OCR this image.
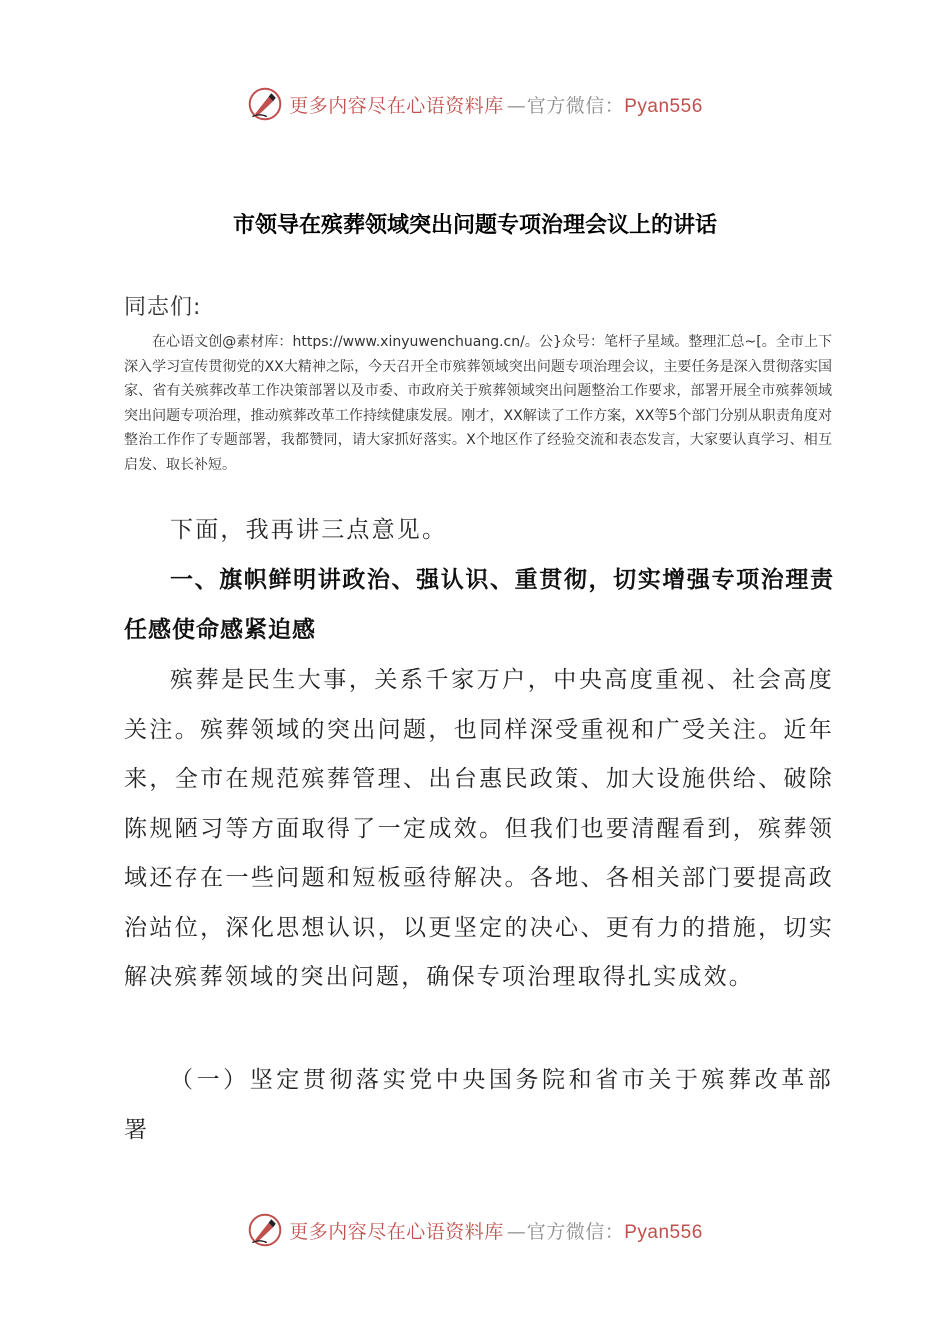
更多内容尽在心语资料库 — 官方微信：Pyan556
市领导在殡葬领域突出问题专项治理会议上的讲话
同志们:
在心语文创@素材库：https://www.xinyuwenchuang.cn/。公}众号：笔杆子星域。整理汇总~[。全市上下深入学习宣传贯彻党的XX大精神之际，今天召开全市殡葬领域突出问题专项治理会议，主要任务是深入贯彻落实国家、省有关殡葬改革工作决策部署以及市委、市政府关于殡葬领域突出问题整治工作要求，部署开展全市殡葬领域突出问题专项治理，推动殡葬改革工作持续健康发展。刚才，XX解读了工作方案，XX等5个部门分别从职责角度对整治工作作了专题部署，我都赞同，请大家抓好落实。X个地区作了经验交流和表态发言，大家要认真学习、相互启发、取长补短。
下面，我再讲三点意见。
一、旗帜鲜明讲政治、强认识、重贯彻，切实增强专项治理责任感使命感紧迫感
殡葬是民生大事，关系千家万户，中央高度重视、社会高度关注。殡葬领域的突出问题，也同样深受重视和广受关注。近年来，全市在规范殡葬管理、出台惠民政策、加大设施供给、破除陈规陋习等方面取得了一定成效。但我们也要清醒看到，殡葬领域还存在一些问题和短板亟待解决。各地、各相关部门要提高政治站位，深化思想认识，以更坚定的决心、更有力的措施，切实解决殡葬领域的突出问题，确保专项治理取得扎实成效。
（一）坚定贯彻落实党中央国务院和省市关于殡葬改革部署
更多内容尽在心语资料库 — 官方微信：Pyan556
